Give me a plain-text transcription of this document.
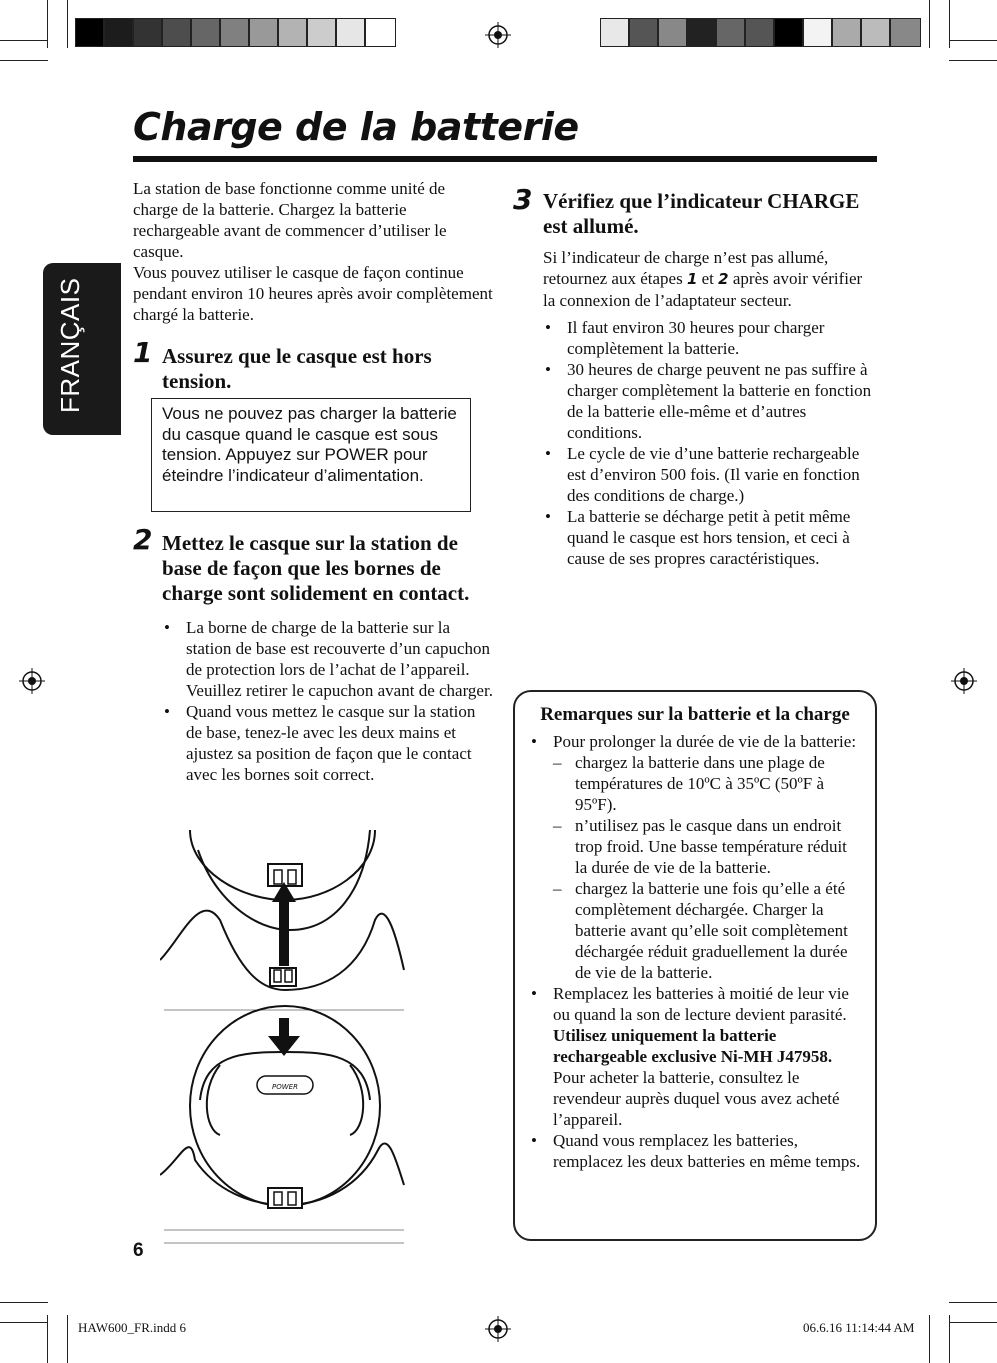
Charge de la batterie
FRANÇAIS
La station de base fonctionne comme unité de charge de la batterie. Chargez la batterie rechargeable avant de commencer d’utiliser le casque.
Vous pouvez utiliser le casque de façon continue pendant environ 10 heures après avoir complètement chargé la batterie.
1 Assurez que le casque est hors tension.
Vous ne pouvez pas charger la batterie du casque quand le casque est sous tension. Appuyez sur POWER pour éteindre l’indicateur d’alimentation.
2 Mettez le casque sur la station de base de façon que les bornes de charge sont solidement en contact.
• La borne de charge de la batterie sur la station de base est recouverte d’un capuchon de protection lors de l’achat de l’appareil.
Veuillez retirer le capuchon avant de charger.
• Quand vous mettez le casque sur la station de base, tenez-le avec les deux mains et ajustez sa position de façon que le contact avec les bornes soit correct.
POWER
6
3 Vérifiez que l’indicateur CHARGE est allumé.
Si l’indicateur de charge n’est pas allumé, retournez aux étapes 1 et 2 après avoir vérifier la connexion de l’adaptateur secteur.
• Il faut environ 30 heures pour charger complètement la batterie.
• 30 heures de charge peuvent ne pas suffire à charger complètement la batterie en fonction de la batterie elle-même et d’autres conditions.
• Le cycle de vie d’une batterie rechargeable est d’environ 500 fois. (Il varie en fonction des conditions de charge.)
• La batterie se décharge petit à petit même quand le casque est hors tension, et ceci à cause de ses propres caractéristiques.
Remarques sur la batterie et la charge
• Pour prolonger la durée de vie de la batterie:
– chargez la batterie dans une plage de températures de 10ºC à 35ºC (50ºF à 95ºF).
– n’utilisez pas le casque dans un endroit trop froid. Une basse température réduit la durée de vie de la batterie.
– chargez la batterie une fois qu’elle a été complètement déchargée. Charger la batterie avant qu’elle soit complètement déchargée réduit graduellement la durée de vie de la batterie.
• Remplacez les batteries à moitié de leur vie ou quand la son de lecture devient parasité.
Utilisez uniquement la batterie rechargeable exclusive Ni-MH J47958.
Pour acheter la batterie, consultez le revendeur auprès duquel vous avez acheté l’appareil.
• Quand vous remplacez les batteries, remplacez les deux batteries en même temps.
HAW600_FR.indd 6	06.6.16 11:14:44 AM
